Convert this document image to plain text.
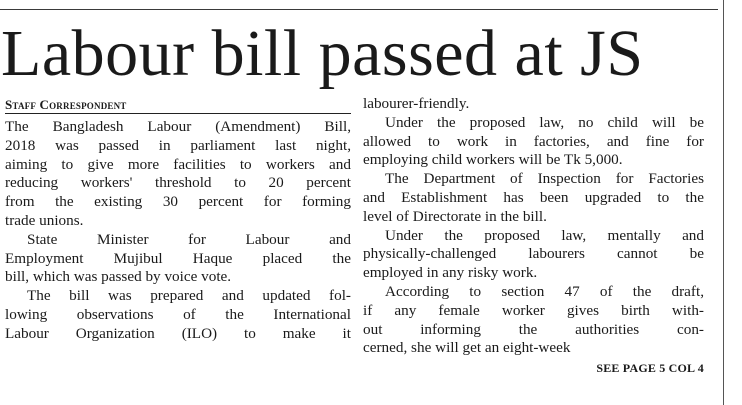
Labour bill passed at JS
Staff Correspondent
The Bangladesh Labour (Amendment) Bill,
2018 was passed in parliament last night,
aiming to give more facilities to workers and
reducing workers' threshold to 20 percent
from the existing 30 percent for forming
trade unions.
State Minister for Labour and
Employment Mujibul Haque placed the
bill, which was passed by voice vote.
The bill was prepared and updated fol-
lowing observations of the International
Labour Organization (ILO) to make it
labourer-friendly.
Under the proposed law, no child will be
allowed to work in factories, and fine for
employing child workers will be Tk 5,000.
The Department of Inspection for Factories
and Establishment has been upgraded to the
level of Directorate in the bill.
Under the proposed law, mentally and
physically-challenged labourers cannot be
employed in any risky work.
According to section 47 of the draft,
if any female worker gives birth with-
out informing the authorities con-
cerned, she will get an eight-week
SEE PAGE 5 COL 4
